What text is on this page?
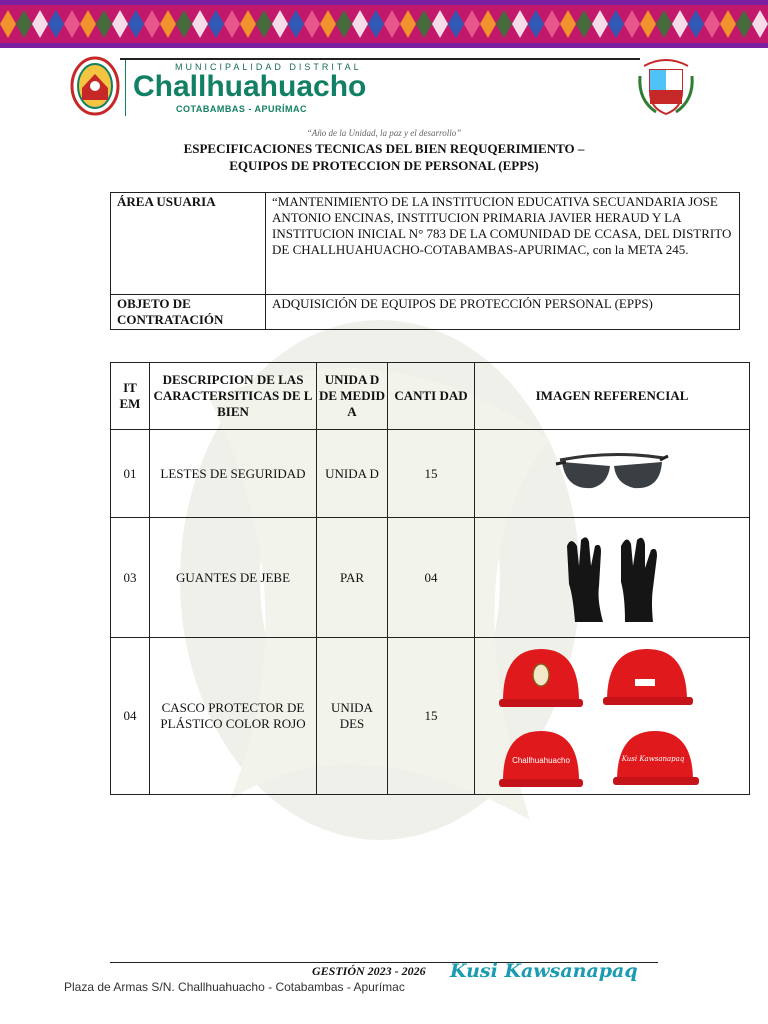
MUNICIPALIDAD DISTRITAL
Challhuahuacho
COTABAMBAS - APURÍMAC
“Año de la Unidad, la paz y el desarrollo”
ESPECIFICACIONES TECNICAS DEL BIEN REQUQERIMIENTO –
EQUIPOS DE PROTECCION DE PERSONAL (EPPS)
ÁREA USUARIA	“MANTENIMIENTO DE LA INSTITUCION EDUCATIVA SECUANDARIA JOSE ANTONIO ENCINAS, INSTITUCION PRIMARIA JAVIER HERAUD Y LA INSTITUCION INICIAL N° 783 DE LA COMUNIDAD DE CCASA, DEL DISTRITO DE CHALLHUAHUACHO-COTABAMBAS-APURIMAC, con la META 245.
OBJETO DE CONTRATACIÓN	ADQUISICIÓN DE EQUIPOS DE PROTECCIÓN PERSONAL (EPPS)
IT EM	DESCRIPCION DE LAS CARACTERSITICAS DE L BIEN	UNIDA D DE MEDID A	CANTI DAD	IMAGEN REFERENCIAL
01	LESTES DE SEGURIDAD	UNIDA D	15	
03	GUANTES DE JEBE	PAR	04	
04	CASCO PROTECTOR DE PLÁSTICO COLOR ROJO	UNIDA DES	15	Challhuahuacho Kusi Kawsanapaq
GESTIÓN 2023 - 2026 Kusi Kawsanapaq
Plaza de Armas S/N. Challhuahuacho - Cotabambas - Apurímac
